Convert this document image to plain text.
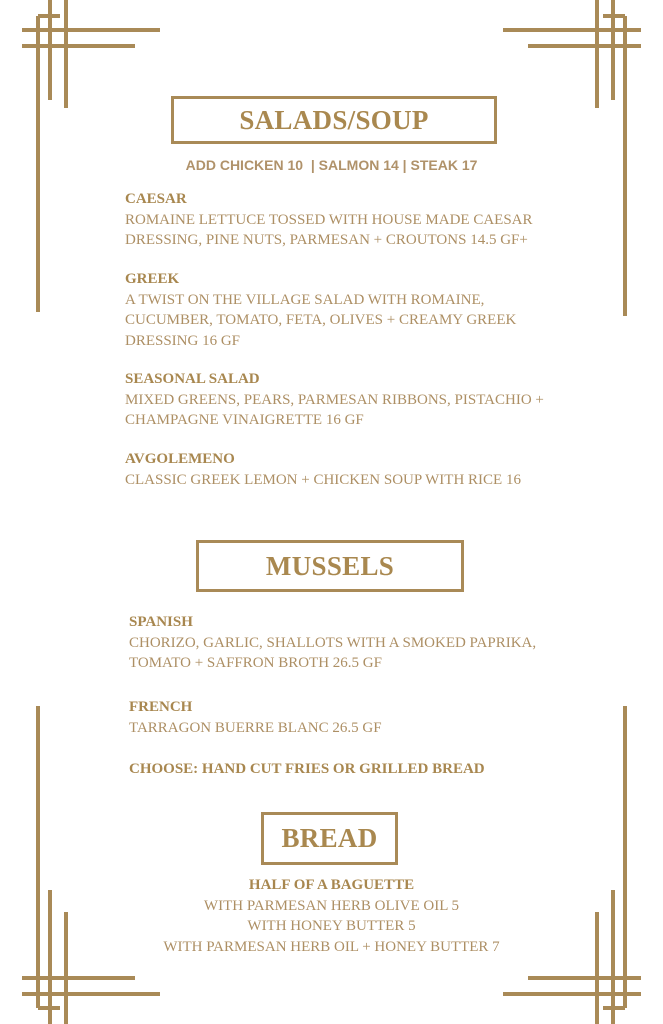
SALADS/SOUP
ADD CHICKEN 10  | SALMON 14 | STEAK 17
CAESAR
ROMAINE LETTUCE TOSSED WITH HOUSE MADE CAESAR
DRESSING, PINE NUTS, PARMESAN + CROUTONS 14.5 GF+
GREEK
A TWIST ON THE VILLAGE SALAD WITH ROMAINE,
CUCUMBER, TOMATO, FETA, OLIVES + CREAMY GREEK
DRESSING 16 GF
SEASONAL SALAD
MIXED GREENS, PEARS, PARMESAN RIBBONS, PISTACHIO +
CHAMPAGNE VINAIGRETTE 16 GF
AVGOLEMENO
CLASSIC GREEK LEMON + CHICKEN SOUP WITH RICE 16
MUSSELS
SPANISH
CHORIZO, GARLIC, SHALLOTS WITH A SMOKED PAPRIKA,
TOMATO + SAFFRON BROTH 26.5 GF
FRENCH
TARRAGON BUERRE BLANC 26.5 GF
CHOOSE: HAND CUT FRIES OR GRILLED BREAD
BREAD
HALF OF A BAGUETTE
WITH PARMESAN HERB OLIVE OIL 5
WITH HONEY BUTTER 5
WITH PARMESAN HERB OIL + HONEY BUTTER 7
